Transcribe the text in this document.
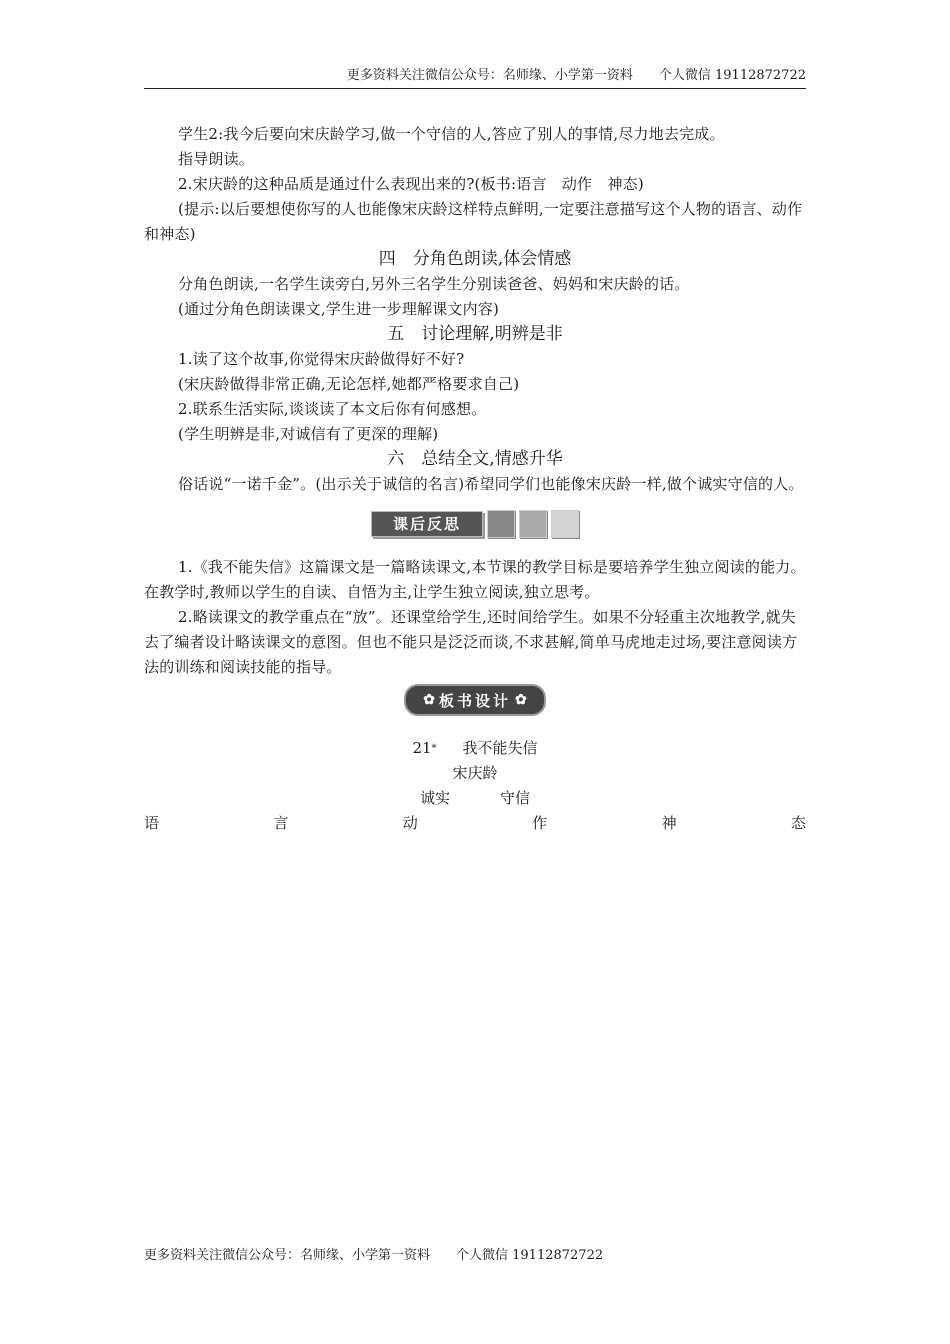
更多资料关注微信公众号：名师缘、小学第一资料　　个人微信 19112872722

学生2:我今后要向宋庆龄学习,做一个守信的人,答应了别人的事情,尽力地去完成。

指导朗读。

2.宋庆龄的这种品质是通过什么表现出来的?(板书:语言　动作　神态)

(提示:以后要想使你写的人也能像宋庆龄这样特点鲜明,一定要注意描写这个人物的语言、动作和神态)

四　分角色朗读,体会情感

分角色朗读,一名学生读旁白,另外三名学生分别读爸爸、妈妈和宋庆龄的话。

(通过分角色朗读课文,学生进一步理解课文内容)

五　讨论理解,明辨是非

1.读了这个故事,你觉得宋庆龄做得好不好?

(宋庆龄做得非常正确,无论怎样,她都严格要求自己)

2.联系生活实际,谈谈读了本文后你有何感想。

(学生明辨是非,对诚信有了更深的理解)

六　总结全文,情感升华

俗话说“一诺千金”。(出示关于诚信的名言)希望同学们也能像宋庆龄一样,做个诚实守信的人。

课后反思

1.《我不能失信》这篇课文是一篇略读课文,本节课的教学目标是要培养学生独立阅读的能力。在教学时,教师以学生的自读、自悟为主,让学生独立阅读,独立思考。

2.略读课文的教学重点在“放”。还课堂给学生,还时间给学生。如果不分轻重主次地教学,就失去了编者设计略读课文的意图。但也不能只是泛泛而谈,不求甚解,简单马虎地走过场,要注意阅读方法的训练和阅读技能的指导。

✿ 板书设计 ✿

21* 我不能失信

宋庆龄

诚实	守信

语	言	动	作	神	态
更多资料关注微信公众号：名师缘、小学第一资料　　个人微信 19112872722
